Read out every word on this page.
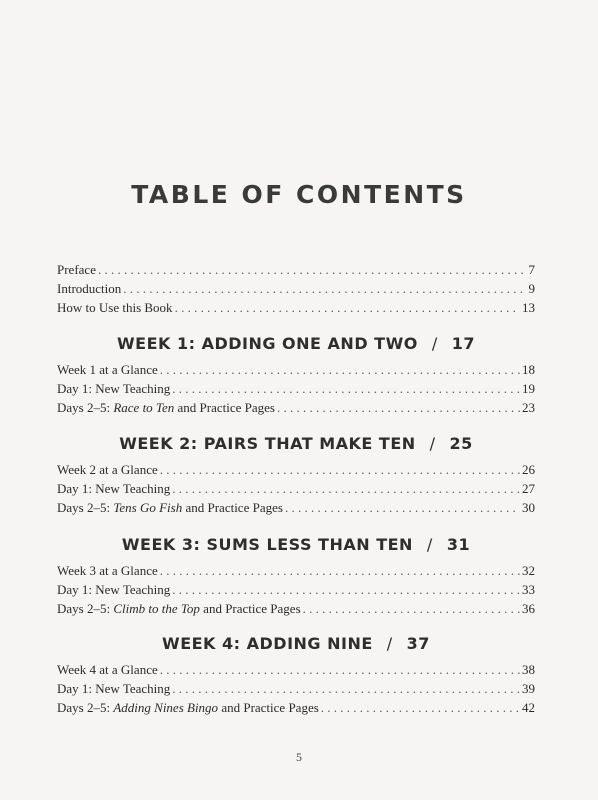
TABLE OF CONTENTS
Preface . . .	7
Introduction . . .	9
How to Use this Book . . .	13
WEEK 1: ADDING ONE AND TWO / 17
Week 1 at a Glance . . .	18
Day 1: New Teaching . . .	19
Days 2–5: Race to Ten and Practice Pages . . .	23
WEEK 2: PAIRS THAT MAKE TEN / 25
Week 2 at a Glance . . .	26
Day 1: New Teaching . . .	27
Days 2–5: Tens Go Fish and Practice Pages . . .	30
WEEK 3: SUMS LESS THAN TEN / 31
Week 3 at a Glance . . .	32
Day 1: New Teaching . . .	33
Days 2–5: Climb to the Top and Practice Pages . . .	36
WEEK 4: ADDING NINE / 37
Week 4 at a Glance . . .	38
Day 1: New Teaching . . .	39
Days 2–5: Adding Nines Bingo and Practice Pages . . .	42
5
